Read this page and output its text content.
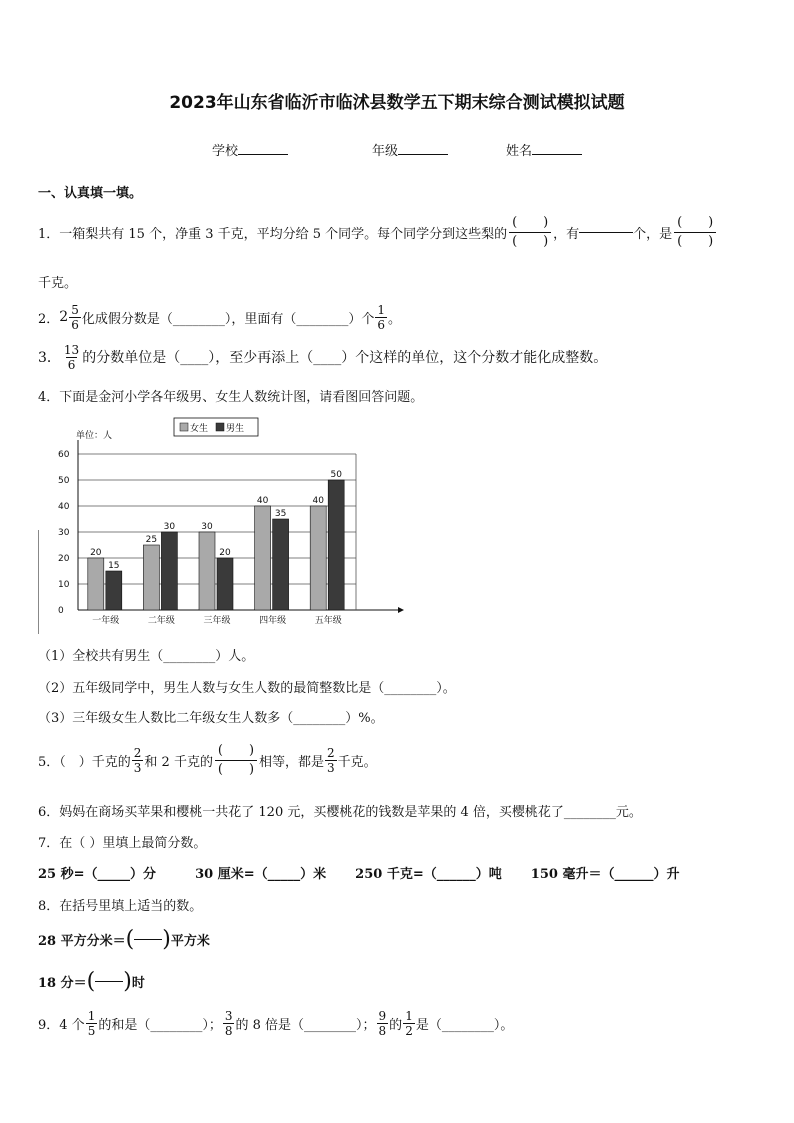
2023年山东省临沂市临沭县数学五下期末综合测试模拟试题
学校	年级	姓名
一、认真填一填。
1．一箱梨共有 15 个，净重 3 千克，平均分给 5 个同学。每个同学分到这些梨的
(　　)
(　　) ，有	个，是
(　　)
(　　)
千克。
2． $2 \frac{5}{6}$ 化成假分数是（________），里面有（________）个 $\frac{1}{6}$ 。
3． $\frac{13}{6}$ 的分数单位是（____），至少再添上（____）个这样的单位，这个分数才能化成整数。
4．下面是金河小学各年级男、女生人数统计图，请看图回答问题。
0
10
20
30
40
50
60
单位：人
女生 男生
20
15
一年级
25
30
二年级
30
20
三年级
40
35
四年级
40
50
五年级
（1）全校共有男生（________）人。
（2）五年级同学中，男生人数与女生人数的最简整数比是（________）。
（3）三年级女生人数比二年级女生人数多（________）%。
5．（　）千克的 $\frac{2}{3}$ 和 2 千克的
(　　)
(　　) 相等，都是 $\frac{2}{3}$ 千克。
6．妈妈在商场买苹果和樱桃一共花了 120 元，买樱桃花的钱数是苹果的 4 倍，买樱桃花了________元。
7．在（ ）里填上最简分数。
25 秒=（_____）分	30 厘米=（_____）米 250 千克=（______）吨 150 毫升＝（______）升
8．在括号里填上适当的数。
28 平方分米＝ ( ) 平方米
18 分＝ ( ) 时
9．4 个 $\frac{1}{5}$ 的和是（________）； $\frac{3}{8}$ 的 8 倍是（________）； $\frac{9}{8}$ 的 $\frac{1}{2}$ 是（________）。
